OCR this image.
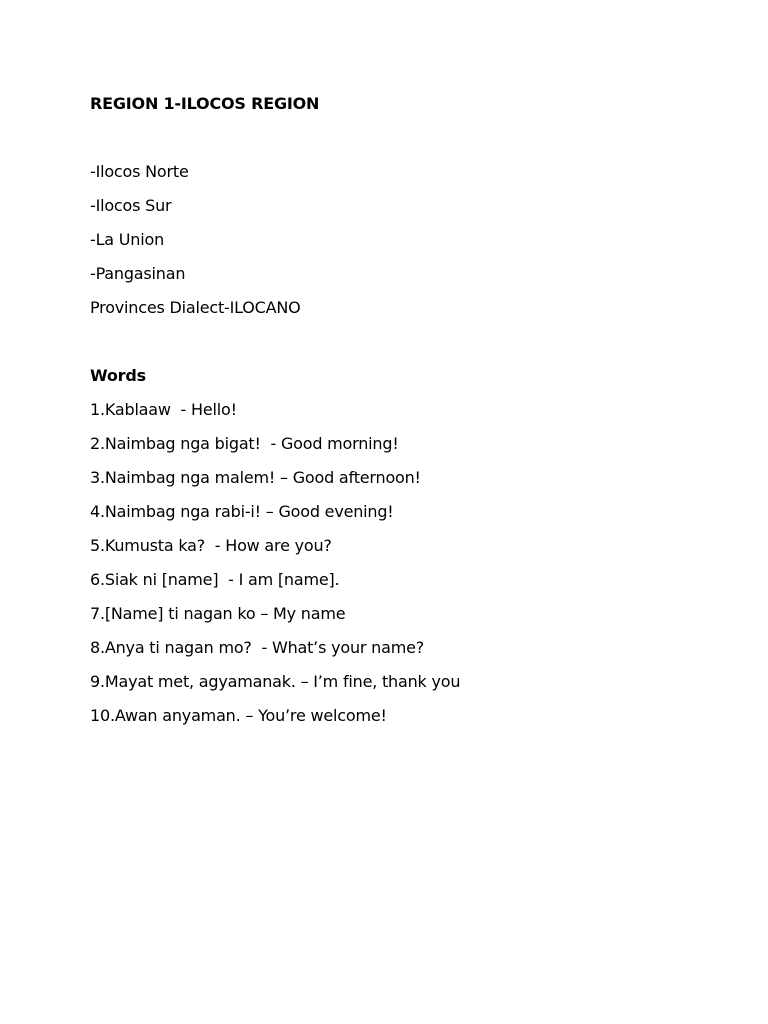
REGION 1-ILOCOS REGION
-Ilocos Norte
-Ilocos Sur
-La Union
-Pangasinan
Provinces Dialect-ILOCANO
Words
1.Kablaaw  - Hello!
2.Naimbag nga bigat!  - Good morning!
3.Naimbag nga malem! – Good afternoon!
4.Naimbag nga rabi-i! – Good evening!
5.Kumusta ka?  - How are you?
6.Siak ni [name]  - I am [name].
7.[Name] ti nagan ko – My name
8.Anya ti nagan mo?  - What’s your name?
9.Mayat met, agyamanak. – I’m fine, thank you
10.Awan anyaman. – You’re welcome!
